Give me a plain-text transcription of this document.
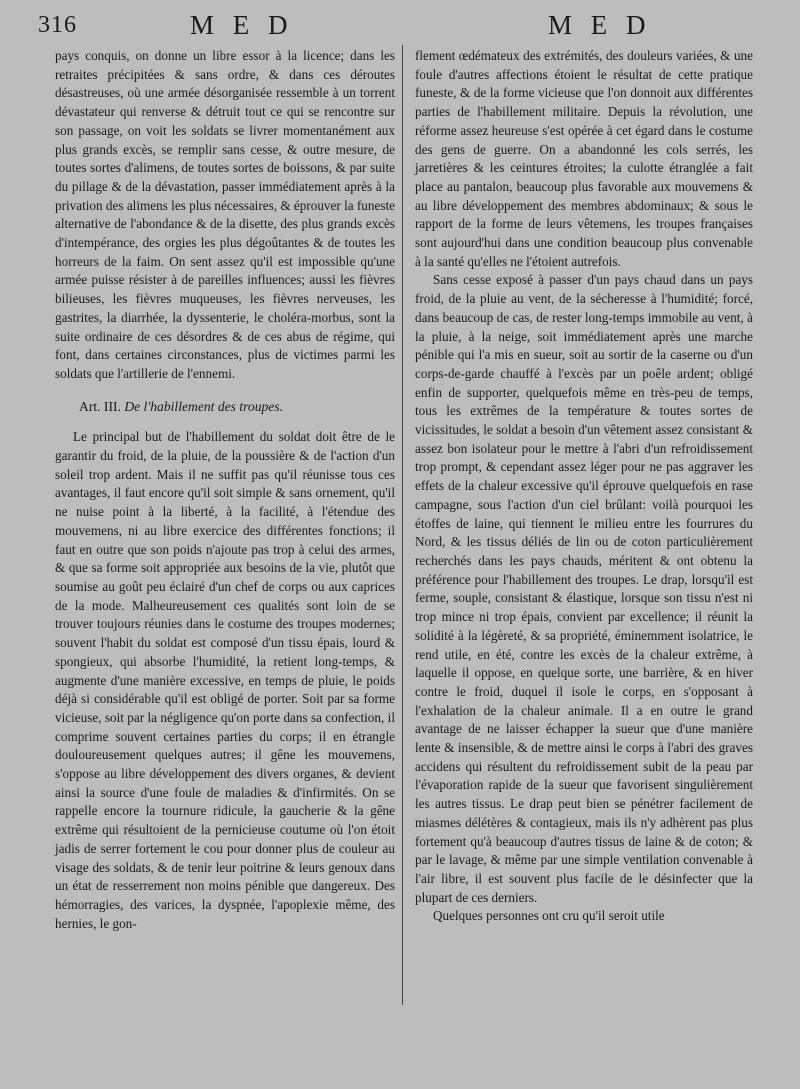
316	M E D	M E D

pays conquis, on donne un libre essor à la licence; dans les retraites précipitées & sans ordre, & dans ces déroutes désastreuses, où une armée désorganisée ressemble à un torrent dévastateur qui renverse & détruit tout ce qui se rencontre sur son passage, on voit les soldats se livrer momentanément aux plus grands excès, se remplir sans cesse, & outre mesure, de toutes sortes d'alimens, de toutes sortes de boissons, & par suite du pillage & de la dévastation, passer immédiatement après à la privation des alimens les plus nécessaires, & éprouver la funeste alternative de l'abondance & de la disette, des plus grands excès d'intempérance, des orgies les plus dégoûtantes & de toutes les horreurs de la faim. On sent assez qu'il est impossible qu'une armée puisse résister à de pareilles influences; aussi les fièvres bilieuses, les fièvres muqueuses, les fièvres nerveuses, les gastrites, la diarrhée, la dyssenterie, le choléra-morbus, sont la suite ordinaire de ces désordres & de ces abus de régime, qui font, dans certaines circonstances, plus de victimes parmi les soldats que l'artillerie de l'ennemi.

Art. III. De l'habillement des troupes.

Le principal but de l'habillement du soldat doit être de le garantir du froid, de la pluie, de la poussière & de l'action d'un soleil trop ardent. Mais il ne suffit pas qu'il réunisse tous ces avantages, il faut encore qu'il soit simple & sans ornement, qu'il ne nuise point à la liberté, à la facilité, à l'étendue des mouvemens, ni au libre exercice des différentes fonctions; il faut en outre que son poids n'ajoute pas trop à celui des armes, & que sa forme soit appropriée aux besoins de la vie, plutôt que soumise au goût peu éclairé d'un chef de corps ou aux caprices de la mode. Malheureusement ces qualités sont loin de se trouver toujours réunies dans le costume des troupes modernes; souvent l'habit du soldat est composé d'un tissu épais, lourd & spongieux, qui absorbe l'humidité, la retient long-temps, & augmente d'une manière excessive, en temps de pluie, le poids déjà si considérable qu'il est obligé de porter. Soit par sa forme vicieuse, soit par la négligence qu'on porte dans sa confection, il comprime souvent certaines parties du corps; il en étrangle douloureusement quelques autres; il gêne les mouvemens, s'oppose au libre développement des divers organes, & devient ainsi la source d'une foule de maladies & d'infirmités. On se rappelle encore la tournure ridicule, la gaucherie & la gêne extrême qui résultoient de la pernicieuse coutume où l'on étoit jadis de serrer fortement le cou pour donner plus de couleur au visage des soldats, & de tenir leur poitrine & leurs genoux dans un état de resserrement non moins pénible que dangereux. Des hémorragies, des varices, la dyspnée, l'apoplexie même, des hernies, le gon-

flement œdémateux des extrémités, des douleurs variées, & une foule d'autres affections étoient le résultat de cette pratique funeste, & de la forme vicieuse que l'on donnoit aux différentes parties de l'habillement militaire. Depuis la révolution, une réforme assez heureuse s'est opérée à cet égard dans le costume des gens de guerre. On a abandonné les cols serrés, les jarretières & les ceintures étroites; la culotte étranglée a fait place au pantalon, beaucoup plus favorable aux mouvemens & au libre développement des membres abdominaux; & sous le rapport de la forme de leurs vêtemens, les troupes françaises sont aujourd'hui dans une condition beaucoup plus convenable à la santé qu'elles ne l'étoient autrefois.

Sans cesse exposé à passer d'un pays chaud dans un pays froid, de la pluie au vent, de la sécheresse à l'humidité; forcé, dans beaucoup de cas, de rester long-temps immobile au vent, à la pluie, à la neige, soit immédiatement après une marche pénible qui l'a mis en sueur, soit au sortir de la caserne ou d'un corps-de-garde chauffé à l'excès par un poêle ardent; obligé enfin de supporter, quelquefois même en très-peu de temps, tous les extrêmes de la température & toutes sortes de vicissitudes, le soldat a besoin d'un vêtement assez consistant & assez bon isolateur pour le mettre à l'abri d'un refroidissement trop prompt, & cependant assez léger pour ne pas aggraver les effets de la chaleur excessive qu'il éprouve quelquefois en rase campagne, sous l'action d'un ciel brûlant: voilà pourquoi les étoffes de laine, qui tiennent le milieu entre les fourrures du Nord, & les tissus déliés de lin ou de coton particulièrement recherchés dans les pays chauds, méritent & ont obtenu la préférence pour l'habillement des troupes. Le drap, lorsqu'il est ferme, souple, consistant & élastique, lorsque son tissu n'est ni trop mince ni trop épais, convient par excellence; il réunit la solidité à la légèreté, & sa propriété, éminemment isolatrice, le rend utile, en été, contre les excès de la chaleur extrême, à laquelle il oppose, en quelque sorte, une barrière, & en hiver contre le froid, duquel il isole le corps, en s'opposant à l'exhalation de la chaleur animale. Il a en outre le grand avantage de ne laisser échapper la sueur que d'une manière lente & insensible, & de mettre ainsi le corps à l'abri des graves accidens qui résultent du refroidissement subit de la peau par l'évaporation rapide de la sueur que favorisent singulièrement les autres tissus. Le drap peut bien se pénétrer facilement de miasmes délétères & contagieux, mais ils n'y adhèrent pas plus fortement qu'à beaucoup d'autres tissus de laine & de coton; & par le lavage, & même par une simple ventilation convenable à l'air libre, il est souvent plus facile de le désinfecter que la plupart de ces derniers.

Quelques personnes ont cru qu'il seroit utile
